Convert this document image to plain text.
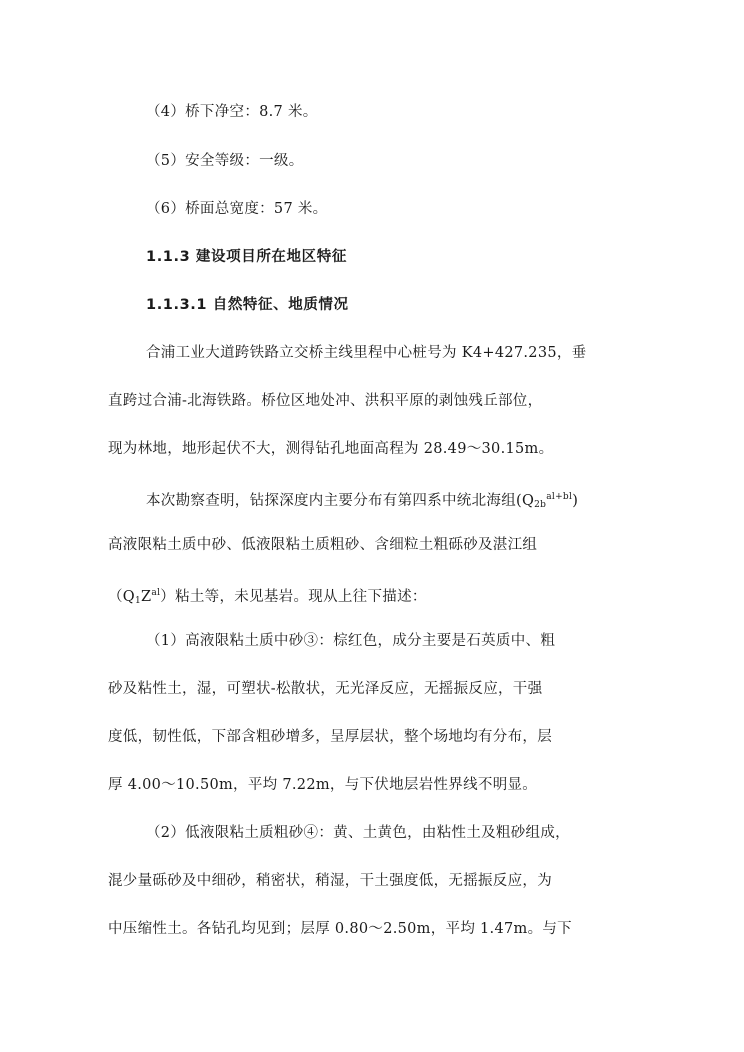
（4）桥下净空：8.7 米。
（5）安全等级：一级。
（6）桥面总宽度：57 米。
1.1.3 建设项目所在地区特征
1.1.3.1 自然特征、地质情况
合浦工业大道跨铁路立交桥主线里程中心桩号为 K4+427.235，垂
直跨过合浦-北海铁路。桥位区地处冲、洪积平原的剥蚀残丘部位，
现为林地，地形起伏不大，测得钻孔地面高程为 28.49～30.15m。
本次勘察查明，钻探深度内主要分布有第四系中统北海组$(Q_{2b}^{al+bl})$
高液限粘土质中砂、低液限粘土质粗砂、含细粒土粗砾砂及湛江组
$(Q_1Z^{al})$粘土等，未见基岩。现从上往下描述：
（1）高液限粘土质中砂③：棕红色，成分主要是石英质中、粗
砂及粘性土，湿，可塑状-松散状，无光泽反应，无摇振反应，干强
度低，韧性低，下部含粗砂增多，呈厚层状，整个场地均有分布，层
厚 4.00～10.50m，平均 7.22m，与下伏地层岩性界线不明显。
（2）低液限粘土质粗砂④：黄、土黄色，由粘性土及粗砂组成，
混少量砾砂及中细砂，稍密状，稍湿，干土强度低，无摇振反应，为
中压缩性土。各钻孔均见到；层厚 0.80～2.50m，平均 1.47m。与下
